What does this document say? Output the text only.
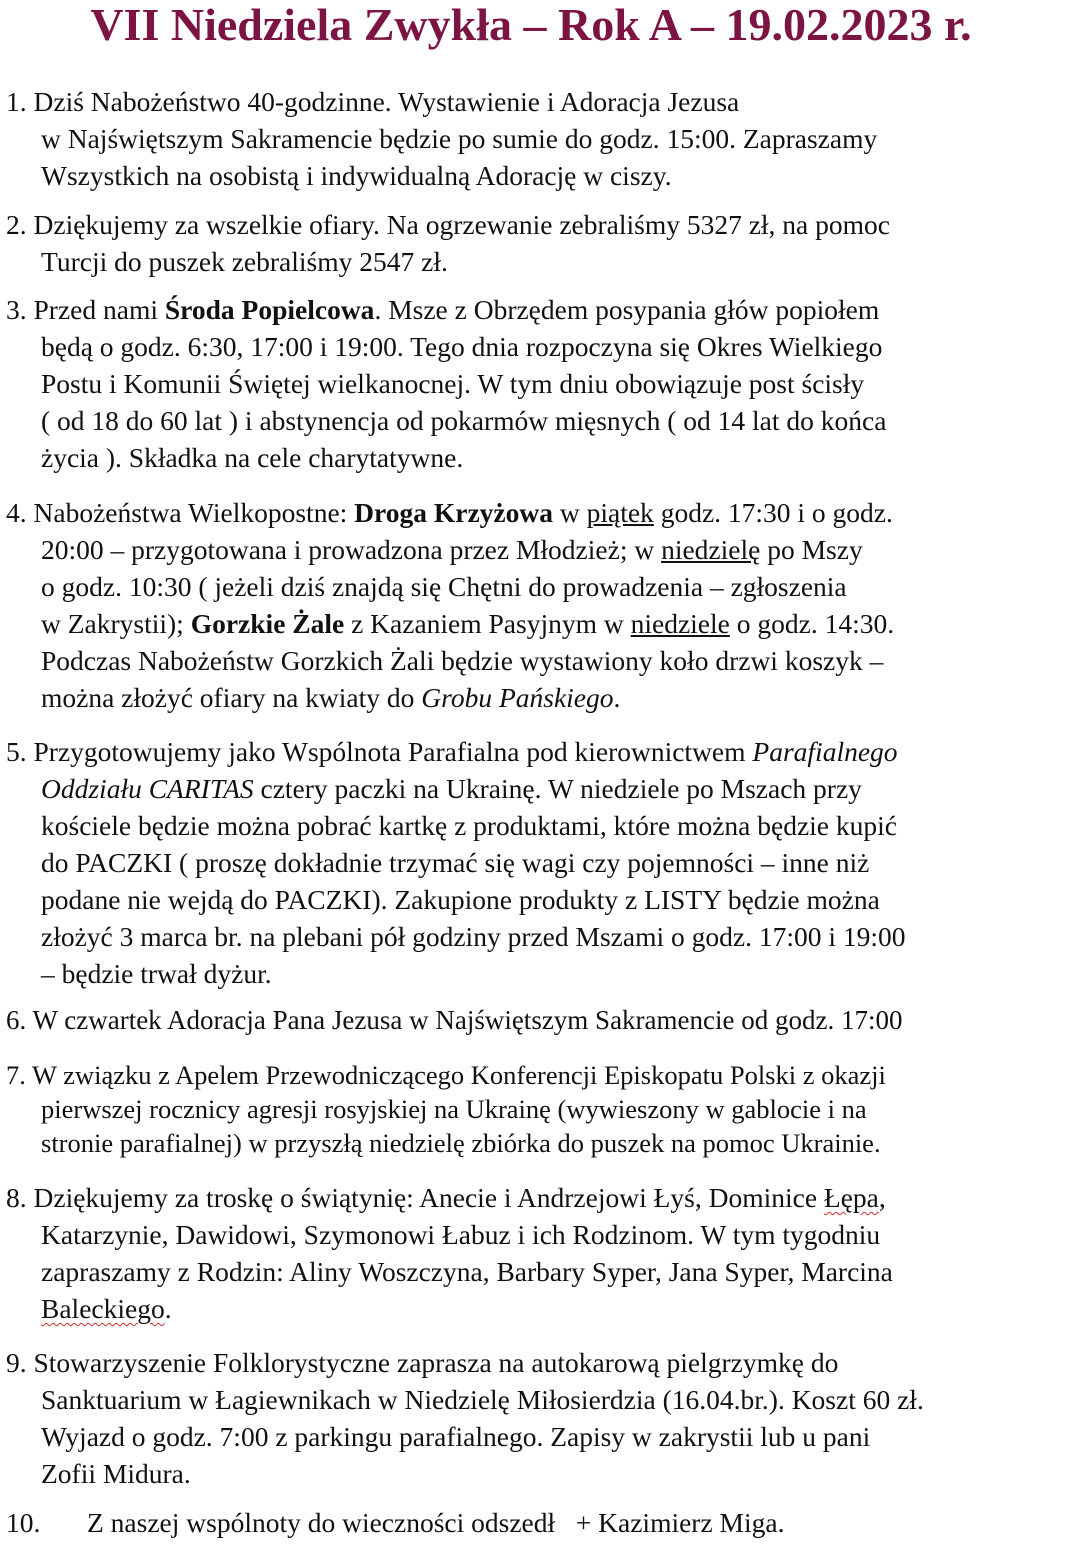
VII Niedziela Zwykła – Rok A – 19.02.2023 r.
1. Dziś Nabożeństwo 40-godzinne. Wystawienie i Adoracja Jezusa
w Najświętszym Sakramencie będzie po sumie do godz. 15:00. Zapraszamy
Wszystkich na osobistą i indywidualną Adorację w ciszy.
2. Dziękujemy za wszelkie ofiary. Na ogrzewanie zebraliśmy 5327 zł, na pomoc
Turcji do puszek zebraliśmy 2547 zł.
3. Przed nami Środa Popielcowa. Msze z Obrzędem posypania głów popiołem
będą o godz. 6:30, 17:00 i 19:00. Tego dnia rozpoczyna się Okres Wielkiego
Postu i Komunii Świętej wielkanocnej. W tym dniu obowiązuje post ścisły
( od 18 do 60 lat ) i abstynencja od pokarmów mięsnych ( od 14 lat do końca
życia ). Składka na cele charytatywne.
4. Nabożeństwa Wielkopostne: Droga Krzyżowa w piątek godz. 17:30 i o godz.
20:00 – przygotowana i prowadzona przez Młodzież; w niedzielę po Mszy
o godz. 10:30 ( jeżeli dziś znajdą się Chętni do prowadzenia – zgłoszenia
w Zakrystii); Gorzkie Żale z Kazaniem Pasyjnym w niedziele o godz. 14:30.
Podczas Nabożeństw Gorzkich Żali będzie wystawiony koło drzwi koszyk –
można złożyć ofiary na kwiaty do Grobu Pańskiego.
5. Przygotowujemy jako Wspólnota Parafialna pod kierownictwem Parafialnego
Oddziału CARITAS cztery paczki na Ukrainę. W niedziele po Mszach przy
kościele będzie można pobrać kartkę z produktami, które można będzie kupić
do PACZKI ( proszę dokładnie trzymać się wagi czy pojemności – inne niż
podane nie wejdą do PACZKI). Zakupione produkty z LISTY będzie można
złożyć 3 marca br. na plebani pół godziny przed Mszami o godz. 17:00 i 19:00
– będzie trwał dyżur.
6. W czwartek Adoracja Pana Jezusa w Najświętszym Sakramencie od godz. 17:00
7. W związku z Apelem Przewodniczącego Konferencji Episkopatu Polski z okazji
pierwszej rocznicy agresji rosyjskiej na Ukrainę (wywieszony w gablocie i na
stronie parafialnej) w przyszłą niedzielę zbiórka do puszek na pomoc Ukrainie.
8. Dziękujemy za troskę o świątynię: Anecie i Andrzejowi Łyś, Dominice Łępa,
Katarzynie, Dawidowi, Szymonowi Łabuz i ich Rodzinom. W tym tygodniu
zapraszamy z Rodzin: Aliny Woszczyna, Barbary Syper, Jana Syper, Marcina
Baleckiego.
9. Stowarzyszenie Folklorystyczne zaprasza na autokarową pielgrzymkę do
Sanktuarium w Łagiewnikach w Niedzielę Miłosierdzia (16.04.br.). Koszt 60 zł.
Wyjazd o godz. 7:00 z parkingu parafialnego. Zapisy w zakrystii lub u pani
Zofii Midura.
10. Z naszej wspólnoty do wieczności odszedł   + Kazimierz Miga.
